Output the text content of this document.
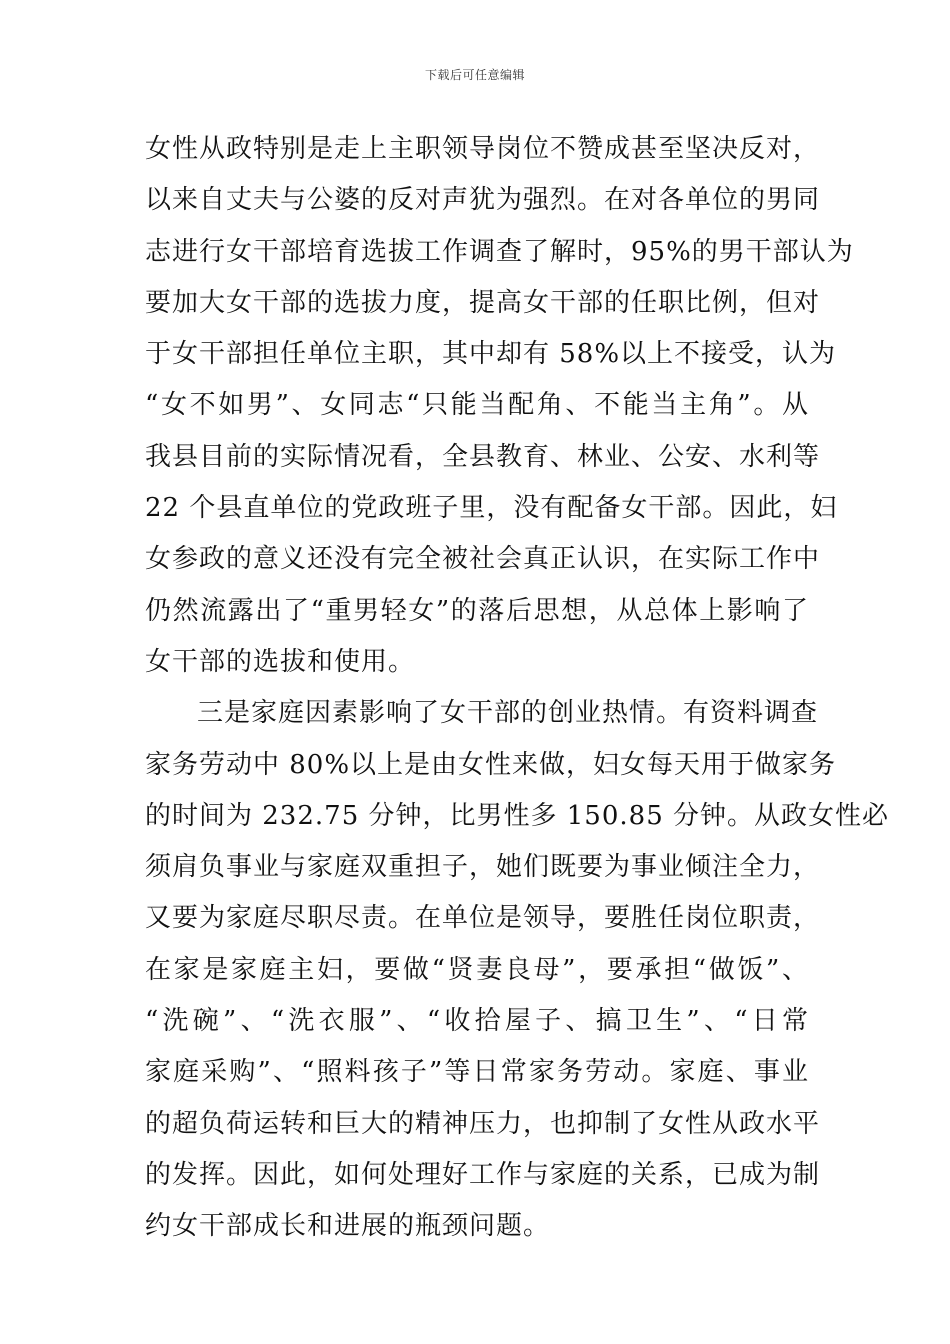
下载后可任意编辑
女性从政特别是走上主职领导岗位不赞成甚至坚决反对，
以来自丈夫与公婆的反对声犹为强烈。在对各单位的男同
志进行女干部培育选拔工作调查了解时，95%的男干部认为
要加大女干部的选拔力度，提高女干部的任职比例，但对
于女干部担任单位主职，其中却有 58%以上不接受，认为
“女不如男”、女同志“只能当配角、不能当主角”。从
我县目前的实际情况看，全县教育、林业、公安、水利等
22 个县直单位的党政班子里，没有配备女干部。因此，妇
女参政的意义还没有完全被社会真正认识，在实际工作中
仍然流露出了“重男轻女”的落后思想，从总体上影响了
女干部的选拔和使用。
三是家庭因素影响了女干部的创业热情。有资料调查
家务劳动中 80%以上是由女性来做，妇女每天用于做家务
的时间为 232.75 分钟，比男性多 150.85 分钟。从政女性必
须肩负事业与家庭双重担子，她们既要为事业倾注全力，
又要为家庭尽职尽责。在单位是领导，要胜任岗位职责，
在家是家庭主妇，要做“贤妻良母”，要承担“做饭”、
“洗碗”、“洗衣服”、“收拾屋子、搞卫生”、“日常
家庭采购”、“照料孩子”等日常家务劳动。家庭、事业
的超负荷运转和巨大的精神压力，也抑制了女性从政水平
的发挥。因此，如何处理好工作与家庭的关系，已成为制
约女干部成长和进展的瓶颈问题。
